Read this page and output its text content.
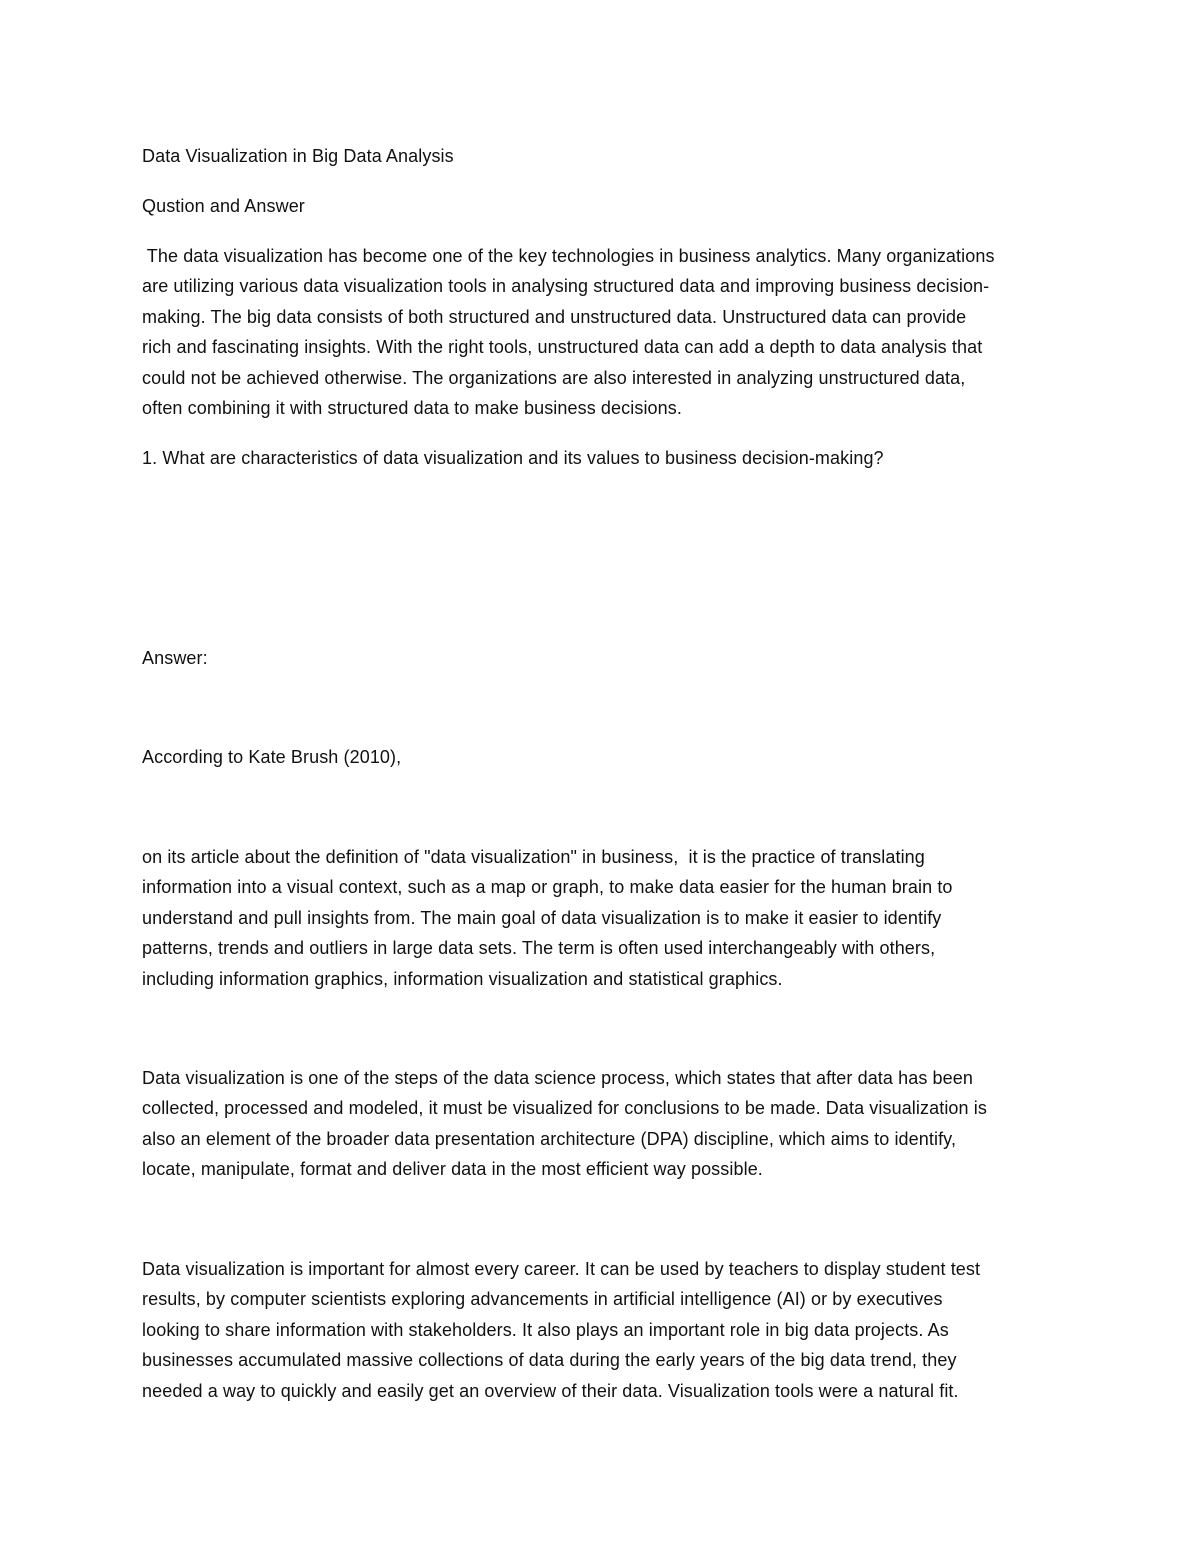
Data Visualization in Big Data Analysis

Qustion and Answer

The data visualization has become one of the key technologies in business analytics. Many organizations
are utilizing various data visualization tools in analysing structured data and improving business decision-
making. The big data consists of both structured and unstructured data. Unstructured data can provide
rich and fascinating insights. With the right tools, unstructured data can add a depth to data analysis that
could not be achieved otherwise. The organizations are also interested in analyzing unstructured data,
often combining it with structured data to make business decisions.

1. What are characteristics of data visualization and its values to business decision-making?

Answer:

According to Kate Brush (2010),

on its article about the definition of "data visualization" in business,  it is the practice of translating
information into a visual context, such as a map or graph, to make data easier for the human brain to
understand and pull insights from. The main goal of data visualization is to make it easier to identify
patterns, trends and outliers in large data sets. The term is often used interchangeably with others,
including information graphics, information visualization and statistical graphics.
Data visualization is one of the steps of the data science process, which states that after data has been
collected, processed and modeled, it must be visualized for conclusions to be made. Data visualization is
also an element of the broader data presentation architecture (DPA) discipline, which aims to identify,
locate, manipulate, format and deliver data in the most efficient way possible.
Data visualization is important for almost every career. It can be used by teachers to display student test
results, by computer scientists exploring advancements in artificial intelligence (AI) or by executives
looking to share information with stakeholders. It also plays an important role in big data projects. As
businesses accumulated massive collections of data during the early years of the big data trend, they
needed a way to quickly and easily get an overview of their data. Visualization tools were a natural fit.
